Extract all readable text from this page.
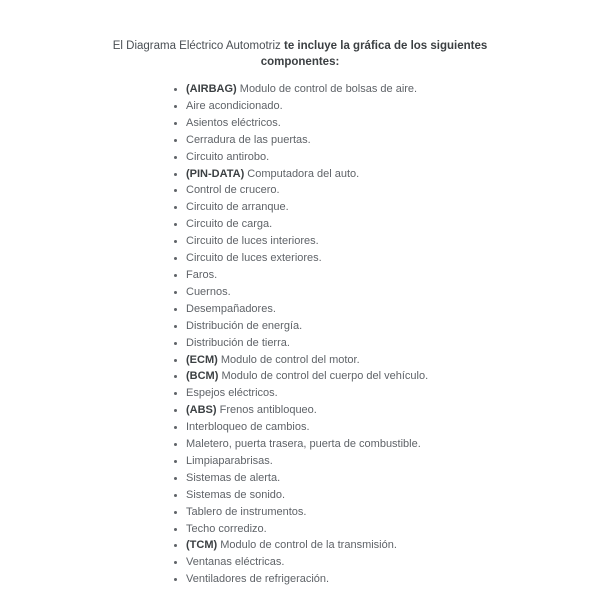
El Diagrama Eléctrico Automotriz te incluye la gráfica de los siguientes componentes:

• (AIRBAG) Modulo de control de bolsas de aire.
• Aire acondicionado.
• Asientos eléctricos.
• Cerradura de las puertas.
• Circuito antirobo.
• (PIN-DATA) Computadora del auto.
• Control de crucero.
• Circuito de arranque.
• Circuito de carga.
• Circuito de luces interiores.
• Circuito de luces exteriores.
• Faros.
• Cuernos.
• Desempañadores.
• Distribución de energía.
• Distribución de tierra.
• (ECM) Modulo de control del motor.
• (BCM) Modulo de control del cuerpo del vehículo.
• Espejos eléctricos.
• (ABS) Frenos antibloqueo.
• Interbloqueo de cambios.
• Maletero, puerta trasera, puerta de combustible.
• Limpiaparabrisas.
• Sistemas de alerta.
• Sistemas de sonido.
• Tablero de instrumentos.
• Techo corredizo.
• (TCM) Modulo de control de la transmisión.
• Ventanas eléctricas.
• Ventiladores de refrigeración.
